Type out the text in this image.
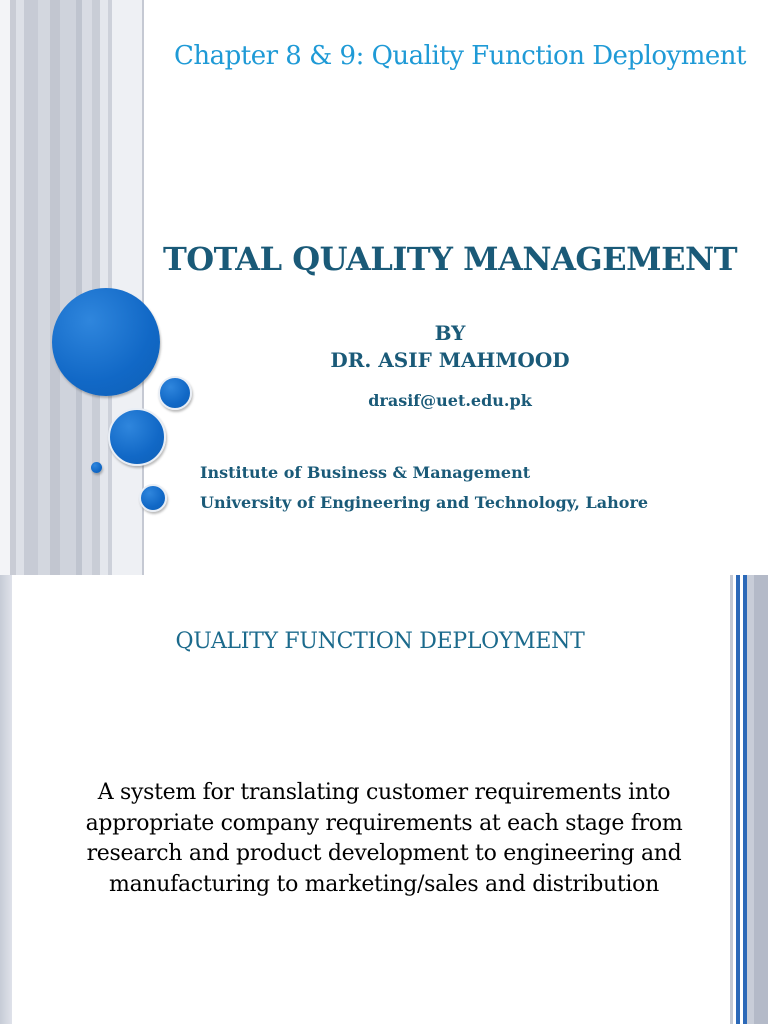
Chapter 8 & 9: Quality Function Deployment
TOTAL QUALITY MANAGEMENT
BY
DR. ASIF MAHMOOD
drasif@uet.edu.pk
Institute of Business & Management
University of Engineering and Technology, Lahore
QUALITY FUNCTION DEPLOYMENT
A system for translating customer requirements into appropriate company requirements at each stage from research and product development to engineering and manufacturing to marketing/sales and distribution
